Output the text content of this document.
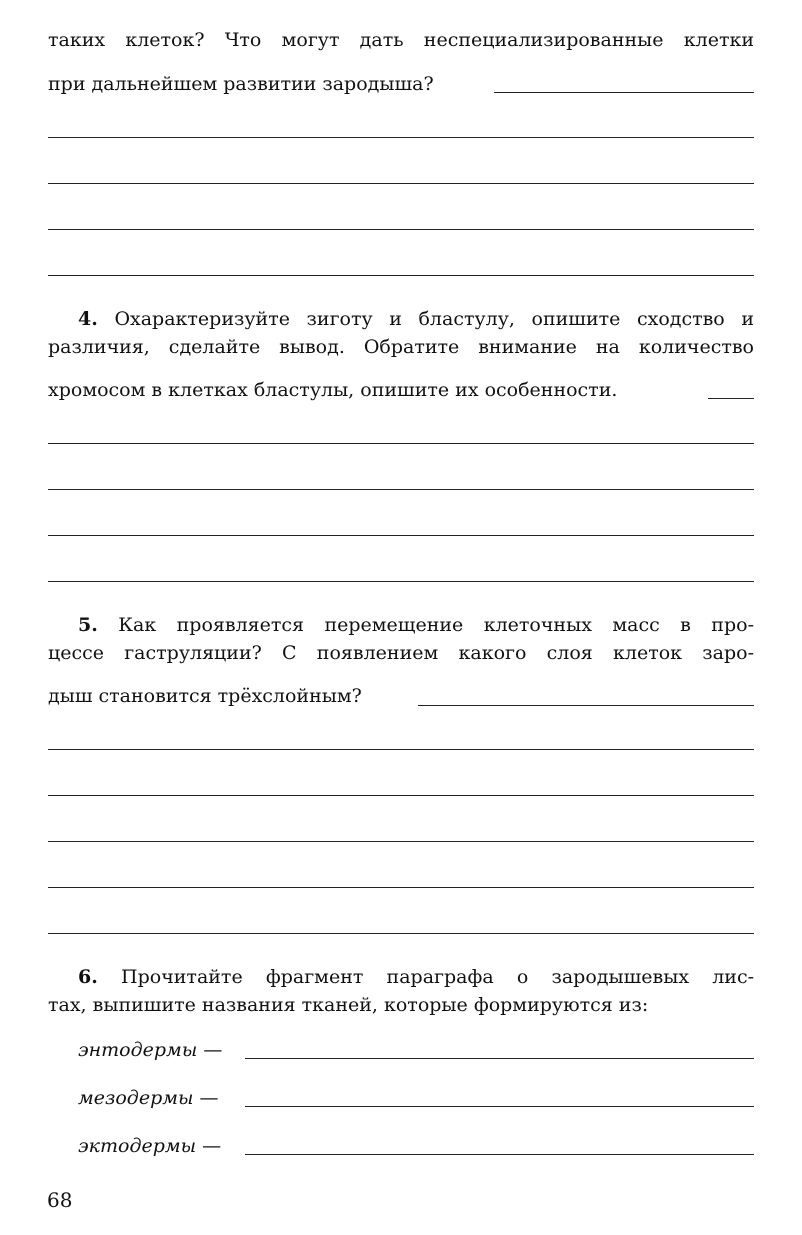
таких клеток? Что могут дать неспециализированные клетки
при дальнейшем развитии зародыша?
4. Охарактеризуйте зиготу и бластулу, опишите сходство и
различия, сделайте вывод. Обратите внимание на количество
хромосом в клетках бластулы, опишите их особенности.
5. Как проявляется перемещение клеточных масс в про-
цессе гаструляции? С появлением какого слоя клеток заро-
дыш становится трёхслойным?
6. Прочитайте фрагмент параграфа о зародышевых лис-
тах, выпишите названия тканей, которые формируются из:
энтодермы —
мезодермы —
эктодермы —
68
